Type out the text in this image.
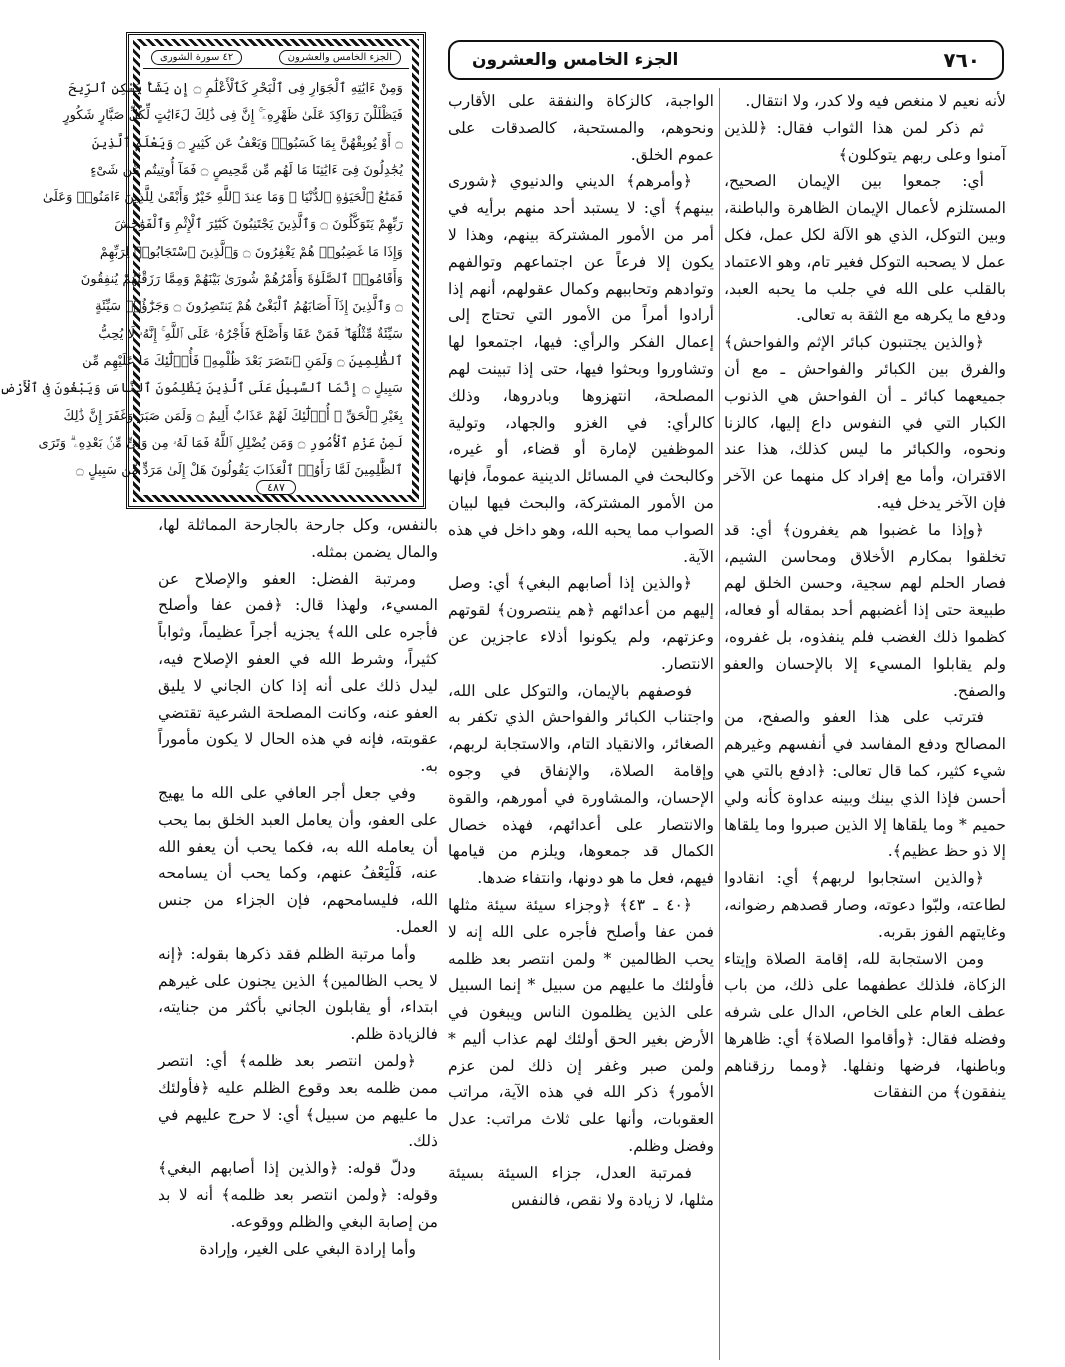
٧٦٠
الجزء الخامس والعشرون
الجزء الخامس والعشرون
٤٢ سورة الشورى

وَمِنْ ءَايَٰتِهِ ٱلْجَوَارِ فِى ٱلْبَحْرِ كَٱلْأَعْلَٰمِ ۝ إِن يَشَأْ يُسْكِنِ ٱلرِّيحَ

فَيَظْلَلْنَ رَوَاكِدَ عَلَىٰ ظَهْرِهِۦٓ ۚ إِنَّ فِى ذَٰلِكَ لَءَايَٰتٍ لِّكُلِّ صَبَّارٍ شَكُورٍ

۝ أَوْ يُوبِقْهُنَّ بِمَا كَسَبُوا۟ وَيَعْفُ عَن كَثِيرٍ ۝ وَيَعْلَمَ ٱلَّذِينَ

يُجَٰدِلُونَ فِىٓ ءَايَٰتِنَا مَا لَهُم مِّن مَّحِيصٍ ۝ فَمَآ أُوتِيتُم مِّن شَىْءٍ

فَمَتَٰعُ ٱلْحَيَوٰةِ ٱلدُّنْيَا ۖ وَمَا عِندَ ٱللَّهِ خَيْرٌ وَأَبْقَىٰ لِلَّذِينَ ءَامَنُوا۟ وَعَلَىٰ

رَبِّهِمْ يَتَوَكَّلُونَ ۝ وَٱلَّذِينَ يَجْتَنِبُونَ كَبَٰٓئِرَ ٱلْإِثْمِ وَٱلْفَوَٰحِشَ

وَإِذَا مَا غَضِبُوا۟ هُمْ يَغْفِرُونَ ۝ وَٱلَّذِينَ ٱسْتَجَابُوا۟ لِرَبِّهِمْ

وَأَقَامُوا۟ ٱلصَّلَوٰةَ وَأَمْرُهُمْ شُورَىٰ بَيْنَهُمْ وَمِمَّا رَزَقْنَٰهُمْ يُنفِقُونَ

۝ وَٱلَّذِينَ إِذَآ أَصَابَهُمُ ٱلْبَغْىُ هُمْ يَنتَصِرُونَ ۝ وَجَزَٰٓؤُا۟ سَيِّئَةٍ

سَيِّئَةٌ مِّثْلُهَا ۖ فَمَنْ عَفَا وَأَصْلَحَ فَأَجْرُهُۥ عَلَى ٱللَّهِ ۚ إِنَّهُۥ لَا يُحِبُّ

ٱلظَّٰلِمِينَ ۝ وَلَمَنِ ٱنتَصَرَ بَعْدَ ظُلْمِهِۦ فَأُو۟لَٰٓئِكَ مَا عَلَيْهِم مِّن

سَبِيلٍ ۝ إِنَّمَا ٱلسَّبِيلُ عَلَى ٱلَّذِينَ يَظْلِمُونَ ٱلنَّاسَ وَيَبْغُونَ فِى ٱلْأَرْضِ

بِغَيْرِ ٱلْحَقِّ ۚ أُو۟لَٰٓئِكَ لَهُمْ عَذَابٌ أَلِيمٌ ۝ وَلَمَن صَبَرَ وَغَفَرَ إِنَّ ذَٰلِكَ

لَمِنْ عَزْمِ ٱلْأُمُورِ ۝ وَمَن يُضْلِلِ ٱللَّهُ فَمَا لَهُۥ مِن وَلِىٍّ مِّنۢ بَعْدِهِۦ ۗ وَتَرَى

ٱلظَّٰلِمِينَ لَمَّا رَأَوُا۟ ٱلْعَذَابَ يَقُولُونَ هَلْ إِلَىٰ مَرَدٍّ مِّن سَبِيلٍ ۝

٤٨٧

لأنه نعيم لا منغص فيه ولا كدر، ولا انتقال.

ثم ذكر لمن هذا الثواب فقال: ﴿للذين آمنوا وعلى ربهم يتوكلون﴾

أي: جمعوا بين الإيمان الصحيح، المستلزم لأعمال الإيمان الظاهرة والباطنة، وبين التوكل، الذي هو الآلة لكل عمل، فكل عمل لا يصحبه التوكل فغير تام، وهو الاعتماد بالقلب على الله في جلب ما يحبه العبد، ودفع ما يكرهه مع الثقة به تعالى.

﴿والذين يجتنبون كبائر الإثم والفواحش﴾ والفرق بين الكبائر والفواحش ـ مع أن جميعهما كبائر ـ أن الفواحش هي الذنوب الكبار التي في النفوس داع إليها، كالزنا ونحوه، والكبائر ما ليس كذلك، هذا عند الاقتران، وأما مع إفراد كل منهما عن الآخر فإن الآخر يدخل فيه.

﴿وإذا ما غضبوا هم يغفرون﴾ أي: قد تخلقوا بمكارم الأخلاق ومحاسن الشيم، فصار الحلم لهم سجية، وحسن الخلق لهم طبيعة حتى إذا أغضبهم أحد بمقاله أو فعاله، كظموا ذلك الغضب فلم ينفذوه، بل غفروه، ولم يقابلوا المسيء إلا بالإحسان والعفو والصفح.

فترتب على هذا العفو والصفح، من المصالح ودفع المفاسد في أنفسهم وغيرهم شيء كثير، كما قال تعالى: ﴿ادفع بالتي هي أحسن فإذا الذي بينك وبينه عداوة كأنه ولي حميم * وما يلقاها إلا الذين صبروا وما يلقاها إلا ذو حظ عظيم﴾.

﴿والذين استجابوا لربهم﴾ أي: انقادوا لطاعته، ولبّوا دعوته، وصار قصدهم رضوانه، وغايتهم الفوز بقربه.

ومن الاستجابة لله، إقامة الصلاة وإيتاء الزكاة، فلذلك عطفهما على ذلك، من باب عطف العام على الخاص، الدال على شرفه وفضله فقال: ﴿وأقاموا الصلاة﴾ أي: ظاهرها وباطنها، فرضها ونفلها. ﴿ومما رزقناهم ينفقون﴾ من النفقات

الواجبة، كالزكاة والنفقة على الأقارب ونحوهم، والمستحبة، كالصدقات على عموم الخلق.

﴿وأمرهم﴾ الديني والدنيوي ﴿شورى بينهم﴾ أي: لا يستبد أحد منهم برأيه في أمر من الأمور المشتركة بينهم، وهذا لا يكون إلا فرعاً عن اجتماعهم وتوالفهم وتوادهم وتحاببهم وكمال عقولهم، أنهم إذا أرادوا أمراً من الأمور التي تحتاج إلى إعمال الفكر والرأي: فيها، اجتمعوا لها وتشاوروا وبحثوا فيها، حتى إذا تبينت لهم المصلحة، انتهزوها وبادروها، وذلك كالرأي: في الغزو والجهاد، وتولية الموظفين لإمارة أو قضاء، أو غيره، وكالبحث في المسائل الدينية عموماً، فإنها من الأمور المشتركة، والبحث فيها لبيان الصواب مما يحبه الله، وهو داخل في هذه الآية.

﴿والذين إذا أصابهم البغي﴾ أي: وصل إليهم من أعدائهم ﴿هم ينتصرون﴾ لقوتهم وعزتهم، ولم يكونوا أذلاء عاجزين عن الانتصار.

فوصفهم بالإيمان، والتوكل على الله، واجتناب الكبائر والفواحش الذي تكفر به الصغائر، والانقياد التام، والاستجابة لربهم، وإقامة الصلاة، والإنفاق في وجوه الإحسان، والمشاورة في أمورهم، والقوة والانتصار على أعدائهم، فهذه خصال الكمال قد جمعوها، ويلزم من قيامها فيهم، فعل ما هو دونها، وانتفاء ضدها.

﴿٤٠ ـ ٤٣﴾ ﴿وجزاء سيئة سيئة مثلها فمن عفا وأصلح فأجره على الله إنه لا يحب الظالمين * ولمن انتصر بعد ظلمه فأولئك ما عليهم من سبيل * إنما السبيل على الذين يظلمون الناس ويبغون في الأرض بغير الحق أولئك لهم عذاب أليم * ولمن صبر وغفر إن ذلك لمن عزم الأمور﴾ ذكر الله في هذه الآية، مراتب العقوبات، وأنها على ثلاث مراتب: عدل وفضل وظلم.

فمرتبة العدل، جزاء السيئة بسيئة مثلها، لا زيادة ولا نقص، فالنفس

بالنفس، وكل جارحة بالجارحة المماثلة لها، والمال يضمن بمثله.

ومرتبة الفضل: العفو والإصلاح عن المسيء، ولهذا قال: ﴿فمن عفا وأصلح فأجره على الله﴾ يجزيه أجراً عظيماً، وثواباً كثيراً، وشرط الله في العفو الإصلاح فيه، ليدل ذلك على أنه إذا كان الجاني لا يليق العفو عنه، وكانت المصلحة الشرعية تقتضي عقوبته، فإنه في هذه الحال لا يكون مأموراً به.

وفي جعل أجر العافي على الله ما يهيج على العفو، وأن يعامل العبد الخلق بما يحب أن يعامله الله به، فكما يحب أن يعفو الله عنه، فَلْيَعْفُ عنهم، وكما يحب أن يسامحه الله، فليسامحهم، فإن الجزاء من جنس العمل.

وأما مرتبة الظلم فقد ذكرها بقوله: ﴿إنه لا يحب الظالمين﴾ الذين يجنون على غيرهم ابتداء، أو يقابلون الجاني بأكثر من جنايته، فالزيادة ظلم.

﴿ولمن انتصر بعد ظلمه﴾ أي: انتصر ممن ظلمه بعد وقوع الظلم عليه ﴿فأولئك ما عليهم من سبيل﴾ أي: لا حرج عليهم في ذلك.

ودلّ قوله: ﴿والذين إذا أصابهم البغي﴾ وقوله: ﴿ولمن انتصر بعد ظلمه﴾ أنه لا بد من إصابة البغي والظلم ووقوعه.

وأما إرادة البغي على الغير، وإرادة
